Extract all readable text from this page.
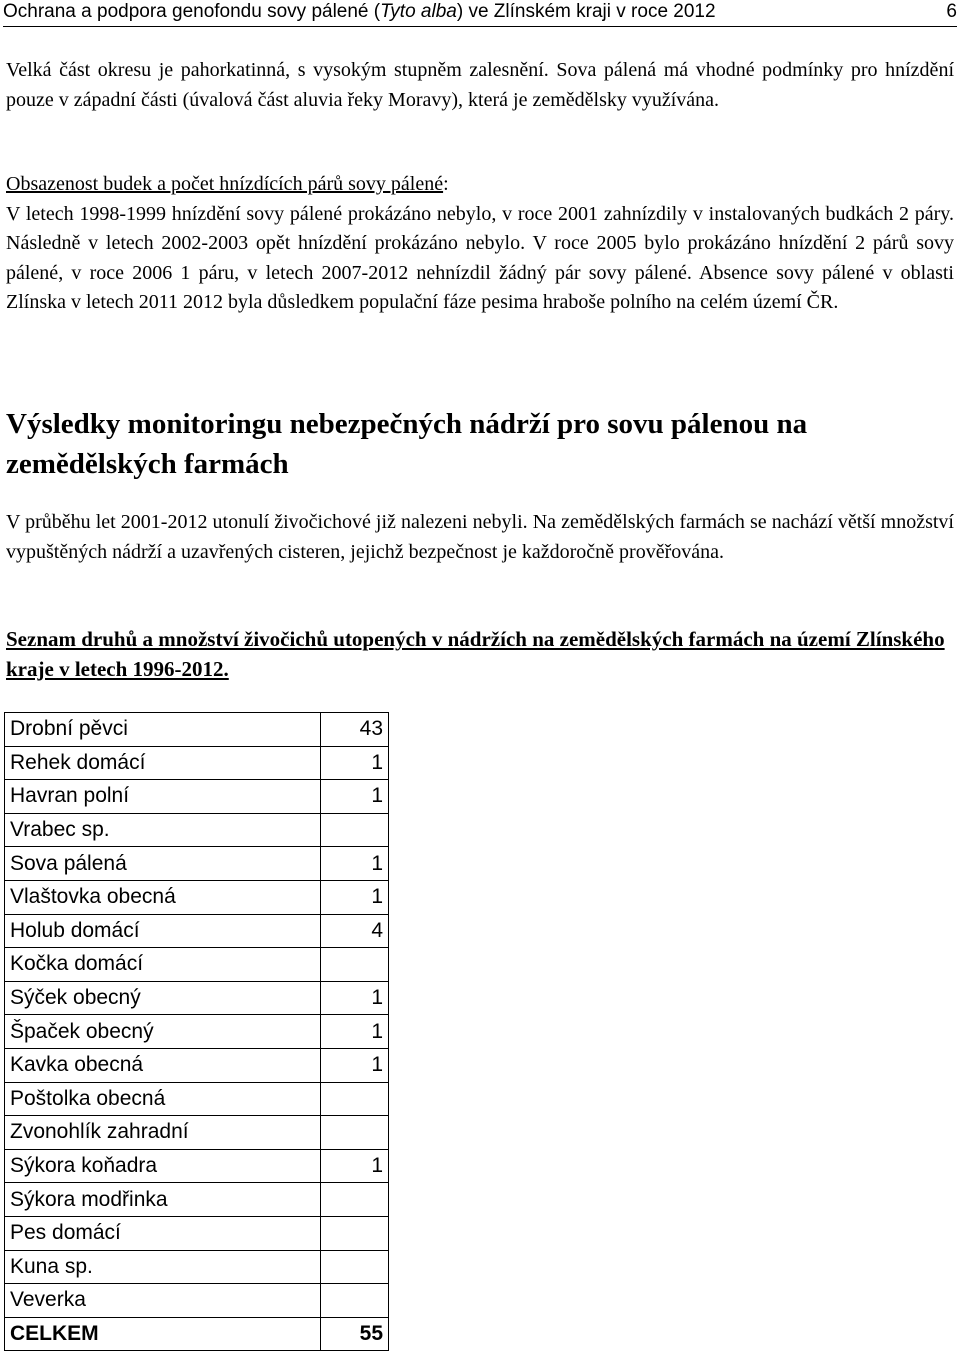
Ochrana a podpora genofondu sovy pálené (Tyto alba) ve Zlínském kraji v roce 2012	6

Velká část okresu je pahorkatinná, s vysokým stupněm zalesnění. Sova pálená má vhodné podmínky pro hnízdění pouze v západní části (úvalová část aluvia řeky Moravy), která je zemědělsky využívána.

Obsazenost budek a počet hnízdících párů sovy pálené:
V letech 1998-1999 hnízdění sovy pálené prokázáno nebylo, v roce 2001 zahnízdily v instalovaných budkách 2 páry. Následně v letech 2002-2003 opět hnízdění prokázáno nebylo. V roce 2005 bylo prokázáno hnízdění 2 párů sovy pálené, v roce 2006 1 páru, v letech 2007-2012 nehnízdil žádný pár sovy pálené. Absence sovy pálené v oblasti Zlínska v letech 2011 2012 byla důsledkem populační fáze pesima hraboše polního na celém území ČR.

Výsledky monitoringu nebezpečných nádrží pro sovu pálenou na zemědělských farmách

V průběhu let 2001-2012 utonulí živočichové již nalezeni nebyli. Na zemědělských farmách se nachází větší množství vypuštěných nádrží a uzavřených cisteren, jejichž bezpečnost je každoročně prověřována.

Seznam druhů a množství živočichů utopených v nádržích na zemědělských farmách na území Zlínského kraje v letech 1996-2012.

Drobní pěvci	43
Rehek domácí	1
Havran polní	1
Vrabec sp.	
Sova pálená	1
Vlaštovka obecná	1
Holub domácí	4
Kočka domácí	
Sýček obecný	1
Špaček obecný	1
Kavka obecná	1
Poštolka obecná	
Zvonohlík zahradní	
Sýkora koňadra	1
Sýkora modřinka	
Pes domácí	
Kuna sp.	
Veverka	
CELKEM	55
